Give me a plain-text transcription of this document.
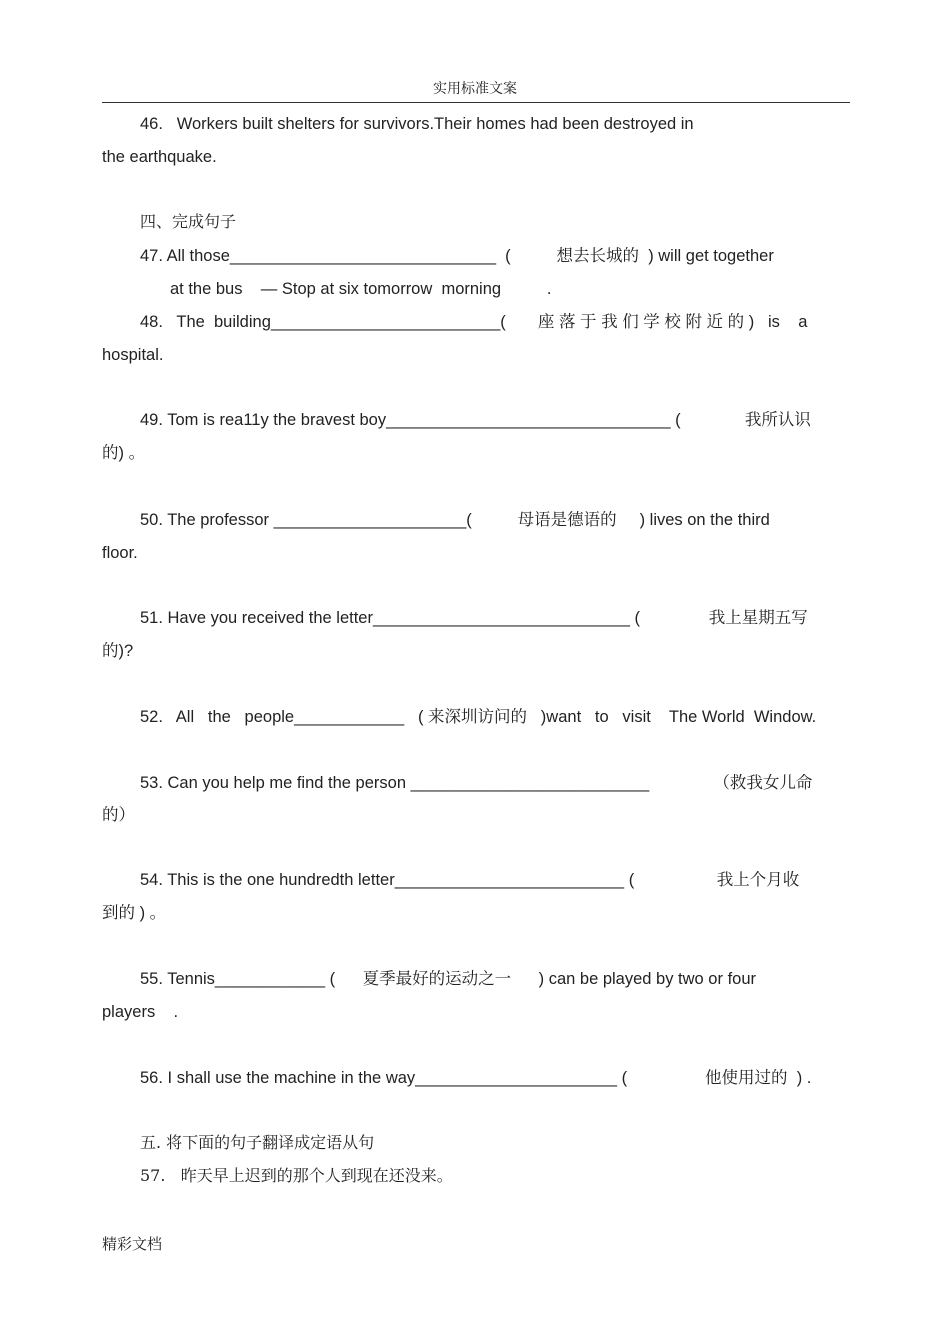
实用标准文案
46.   Workers built shelters for survivors.Their homes had been destroyed in
the earthquake.
四、完成句子
47. All those_____________________________  (          想去长城的  ) will get together
at the bus    — Stop at six tomorrow  morning          .
48.   The  building_________________________(       座 落 于 我 们 学 校 附 近 的 )   is    a
hospital.
49. Tom is rea11y the bravest boy_______________________________ (              我所认识
的) 。
50. The professor _____________________(          母语是德语的     ) lives on the third
floor.
51. Have you received the letter____________________________ (               我上星期五写
的)?
52.   All   the   people____________   ( 来深圳访问的   )want   to   visit    The World  Window.
53. Can you help me find the person __________________________              （救我女儿命
的）
54. This is the one hundredth letter_________________________ (                  我上个月收
到的 ) 。
55. Tennis____________ (      夏季最好的运动之一      ) can be played by two or four
players    .
56. I shall use the machine in the way______________________ (                 他使用过的  ) .
五. 将下面的句子翻译成定语从句
57.   昨天早上迟到的那个人到现在还没来。
精彩文档
